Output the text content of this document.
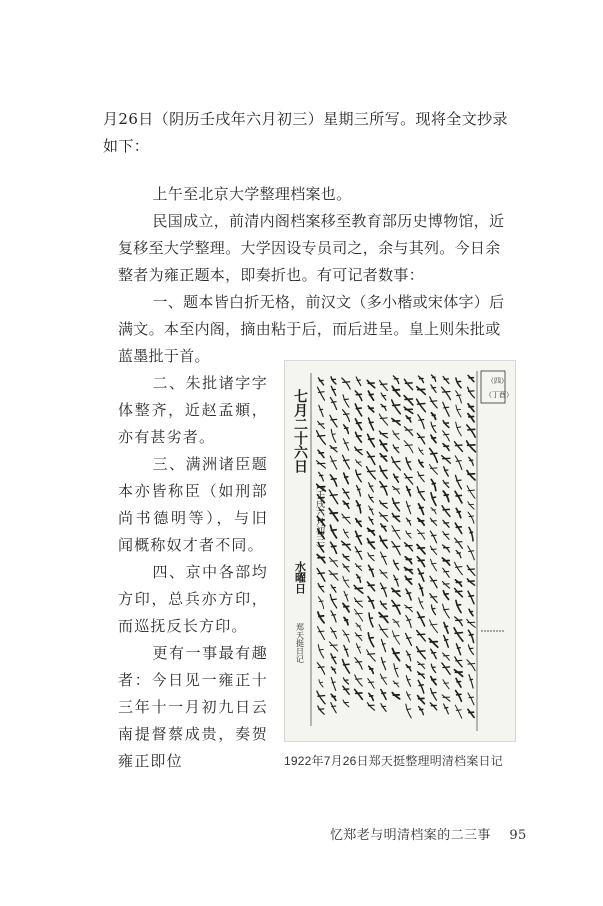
月26日（阴历壬戌年六月初三）星期三所写。现将全文抄录如下：

上午至北京大学整理档案也。

民国成立，前清内阁档案移至教育部历史博物馆，近复移至大学整理。大学因设专员司之，余与其列。今日余整者为雍正题本，即奏折也。有可记者数事：

一、题本皆白折无格，前汉文（多小楷或宋体字）后满文。本至内阁，摘由粘于后，而后进呈。皇上则朱批或蓝墨批于首。

二、朱批诸字字体整齐，近赵孟頫，亦有甚劣者。

三、满洲诸臣题本亦皆称臣（如刑部尚书德明等），与旧闻概称奴才者不同。

四、京中各部均方印，总兵亦方印，而巡抚反长方印。

更有一事最有趣者：今日见一雍正十三年十一月初九日云南提督蔡成贵，奏贺雍正即位

七月二十六日
（壬戌六月初三）
水曜日
郑天挺日记
（四）
（丁酉）
1922年7月26日郑天挺整理明清档案日记
忆郑老与明清档案的二三事 95
